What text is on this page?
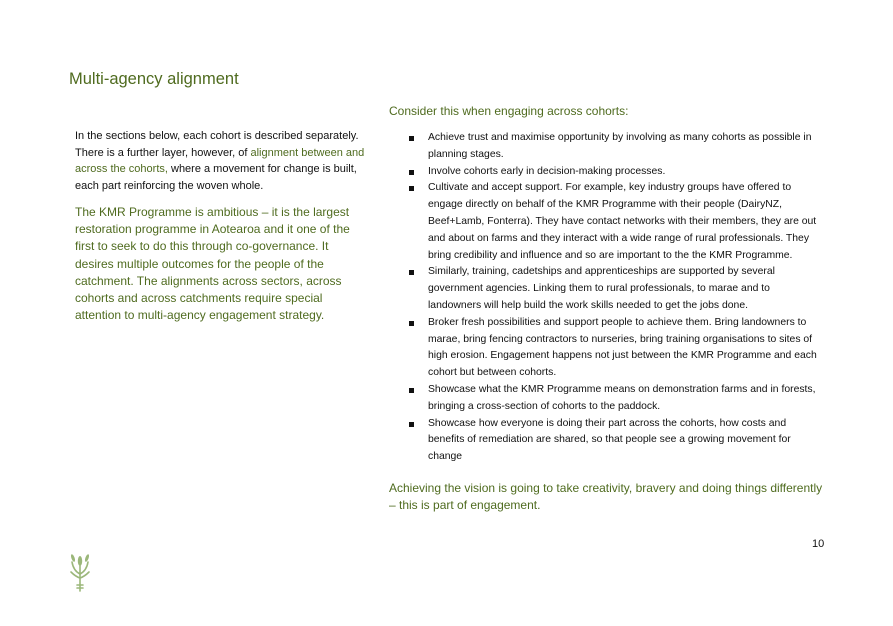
Multi-agency alignment

In the sections below, each cohort is described separately. There is a further layer, however, of alignment between and across the cohorts, where a movement for change is built, each part reinforcing the woven whole.

The KMR Programme is ambitious – it is the largest restoration programme in Aotearoa and it one of the first to seek to do this through co-governance. It desires multiple outcomes for the people of the catchment. The alignments across sectors, across cohorts and across catchments require special attention to multi-agency engagement strategy.

Consider this when engaging across cohorts:

Achieve trust and maximise opportunity by involving as many cohorts as possible in planning stages.
Involve cohorts early in decision-making processes.
Cultivate and accept support. For example, key industry groups have offered to engage directly on behalf of the KMR Programme with their people (DairyNZ, Beef+Lamb, Fonterra). They have contact networks with their members, they are out and about on farms and they interact with a wide range of rural professionals. They bring credibility and influence and so are important to the the KMR Programme.
Similarly, training, cadetships and apprenticeships are supported by several government agencies. Linking them to rural professionals, to marae and to landowners will help build the work skills needed to get the jobs done.
Broker fresh possibilities and support people to achieve them. Bring landowners to marae, bring fencing contractors to nurseries, bring training organisations to sites of high erosion. Engagement happens not just between the KMR Programme and each cohort but between cohorts.
Showcase what the KMR Programme means on demonstration farms and in forests, bringing a cross-section of cohorts to the paddock.
Showcase how everyone is doing their part across the cohorts, how costs and benefits of remediation are shared, so that people see a growing movement for change

Achieving the vision is going to take creativity, bravery and doing things differently – this is part of engagement.

10
